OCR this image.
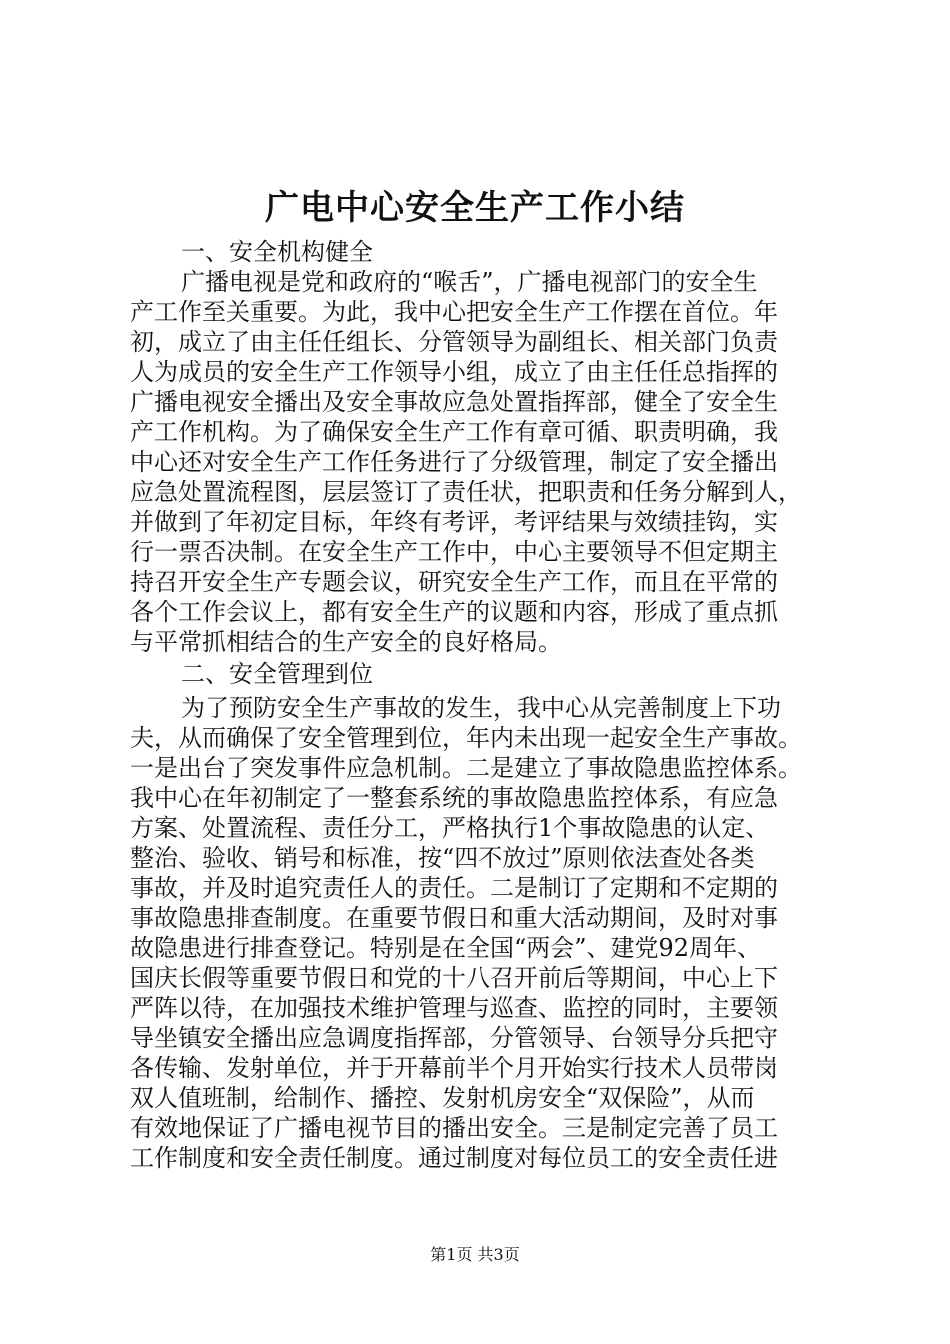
广电中心安全生产工作小结

一、安全机构健全

广播电视是党和政府的“喉舌”，广播电视部门的安全生

产工作至关重要。为此，我中心把安全生产工作摆在首位。年

初，成立了由主任任组长、分管领导为副组长、相关部门负责

人为成员的安全生产工作领导小组，成立了由主任任总指挥的

广播电视安全播出及安全事故应急处置指挥部，健全了安全生

产工作机构。为了确保安全生产工作有章可循、职责明确，我

中心还对安全生产工作任务进行了分级管理，制定了安全播出

应急处置流程图，层层签订了责任状，把职责和任务分解到人，

并做到了年初定目标，年终有考评，考评结果与效绩挂钩，实

行一票否决制。在安全生产工作中，中心主要领导不但定期主

持召开安全生产专题会议，研究安全生产工作，而且在平常的

各个工作会议上，都有安全生产的议题和内容，形成了重点抓

与平常抓相结合的生产安全的良好格局。

二、安全管理到位

为了预防安全生产事故的发生，我中心从完善制度上下功

夫，从而确保了安全管理到位，年内未出现一起安全生产事故。

一是出台了突发事件应急机制。二是建立了事故隐患监控体系。

我中心在年初制定了一整套系统的事故隐患监控体系，有应急

方案、处置流程、责任分工，严格执行1个事故隐患的认定、

整治、验收、销号和标准，按“四不放过”原则依法查处各类

事故，并及时追究责任人的责任。二是制订了定期和不定期的

事故隐患排查制度。在重要节假日和重大活动期间，及时对事

故隐患进行排查登记。特别是在全国“两会”、建党92周年、

国庆长假等重要节假日和党的十八召开前后等期间，中心上下

严阵以待，在加强技术维护管理与巡查、监控的同时，主要领

导坐镇安全播出应急调度指挥部，分管领导、台领导分兵把守

各传输、发射单位，并于开幕前半个月开始实行技术人员带岗

双人值班制，给制作、播控、发射机房安全“双保险”，从而

有效地保证了广播电视节目的播出安全。三是制定完善了员工

工作制度和安全责任制度。通过制度对每位员工的安全责任进

第1页 共3页
